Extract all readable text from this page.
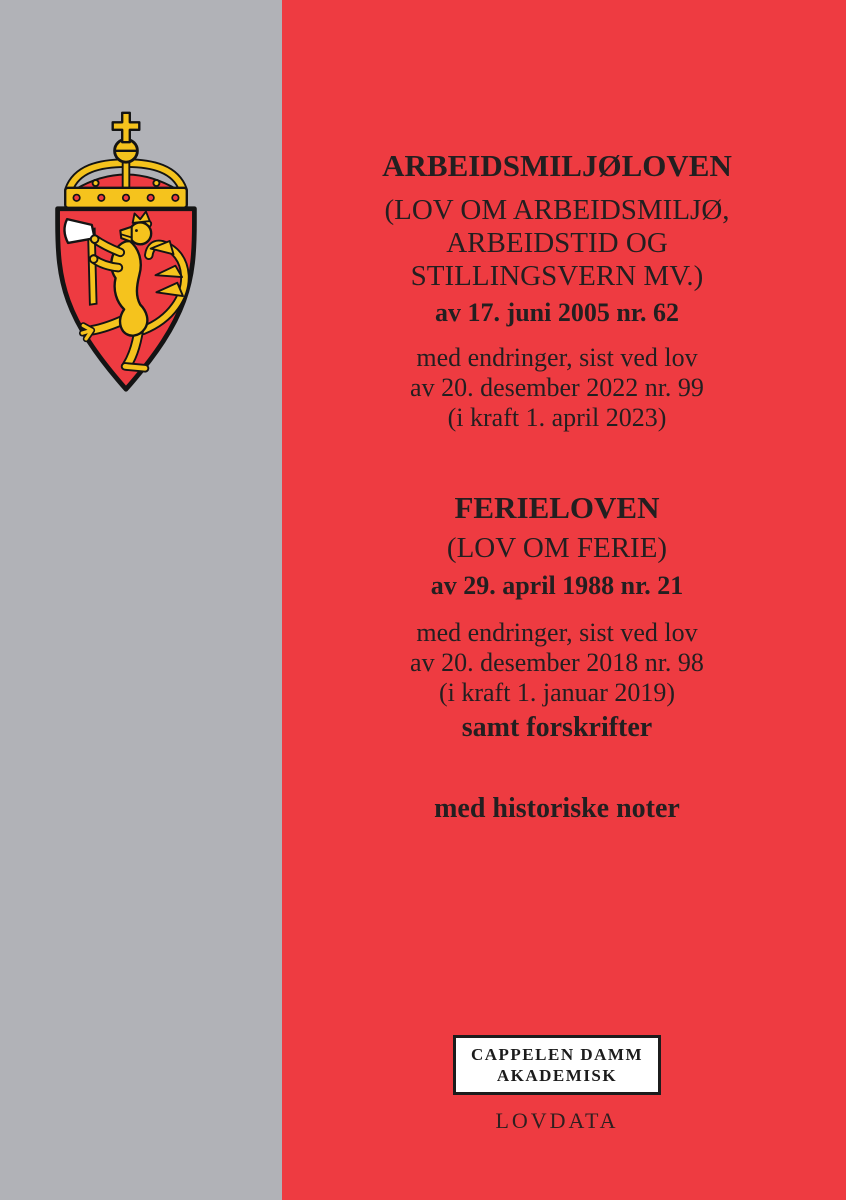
ARBEIDSMILJØLOVEN
(LOV OM ARBEIDSMILJØ,
ARBEIDSTID OG
STILLINGSVERN MV.)
av 17. juni 2005 nr. 62
med endringer, sist ved lov
av 20. desember 2022 nr. 99
(i kraft 1. april 2023)
FERIELOVEN
(LOV OM FERIE)
av 29. april 1988 nr. 21
med endringer, sist ved lov
av 20. desember 2018 nr. 98
(i kraft 1. januar 2019)
samt forskrifter
med historiske noter
CAPPELEN DAMM
AKADEMISK
LOVDATA
